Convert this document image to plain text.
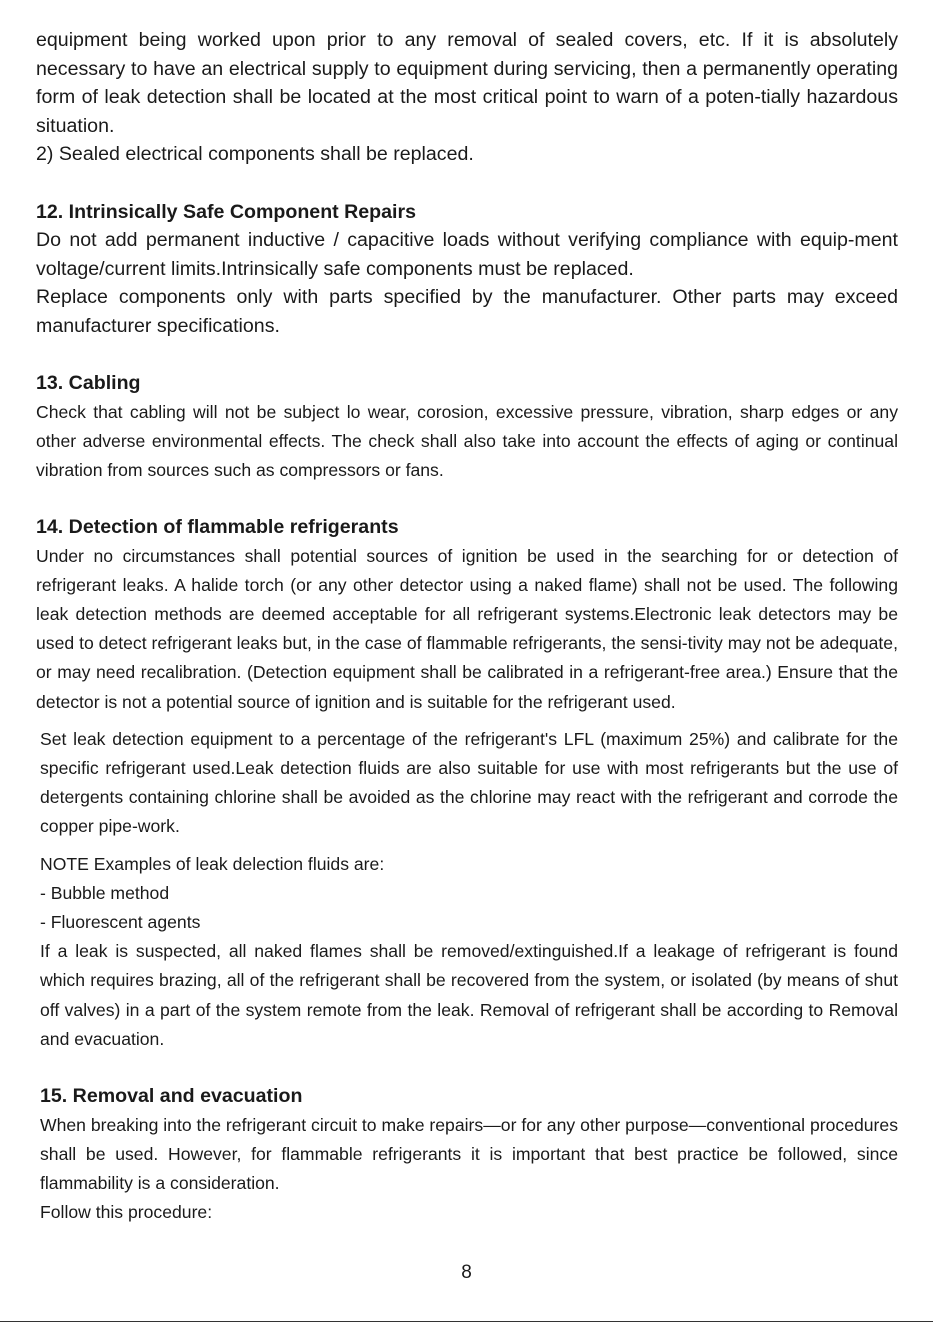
equipment being worked upon prior to any removal of sealed covers, etc. If it is absolutely necessary to have an electrical supply to equipment during servicing, then a permanently operating form of leak detection shall be located at the most critical point to warn of a poten-tially hazardous situation.

2) Sealed electrical components shall be replaced.

12. Intrinsically Safe Component Repairs

Do not add permanent inductive / capacitive loads without verifying compliance with equip-ment voltage/current limits.Intrinsically safe components must be replaced.

Replace components only with parts specified by the manufacturer. Other parts may exceed manufacturer specifications.

13. Cabling

Check that cabling will not be subject lo wear, corosion, excessive pressure, vibration, sharp edges or any other adverse environmental effects. The check shall also take into account the effects of aging or continual vibration from sources such as compressors or fans.

14. Detection of flammable refrigerants

Under no circumstances shall potential sources of ignition be used in the searching for or detection of refrigerant leaks. A halide torch (or any other detector using a naked flame) shall not be used. The following leak detection methods are deemed acceptable for all refrigerant systems.Electronic leak detectors may be used to detect refrigerant leaks but, in the case of flammable refrigerants, the sensi-tivity may not be adequate, or may need recalibration. (Detection equipment shall be calibrated in a refrigerant-free area.) Ensure that the detector is not a potential source of ignition and is suitable for the refrigerant used.

Set leak detection equipment to a percentage of the refrigerant's LFL (maximum 25%) and calibrate for the specific refrigerant used.Leak detection fluids are also suitable for use with most refrigerants but the use of detergents containing chlorine shall be avoided as the chlorine may react with the refrigerant and corrode the copper pipe-work.

NOTE Examples of leak delection fluids are:

- Bubble method

- Fluorescent agents

If a leak is suspected, all naked flames shall be removed/extinguished.If a leakage of refrigerant is found which requires brazing, all of the refrigerant shall be recovered from the system, or isolated (by means of shut off valves) in a part of the system remote from the leak. Removal of refrigerant shall be according to Removal and evacuation.

15. Removal and evacuation

When breaking into the refrigerant circuit to make repairs—or for any other purpose—conventional procedures shall be used. However, for flammable refrigerants it is important that best practice be followed, since flammability is a consideration.

Follow this procedure:

8
